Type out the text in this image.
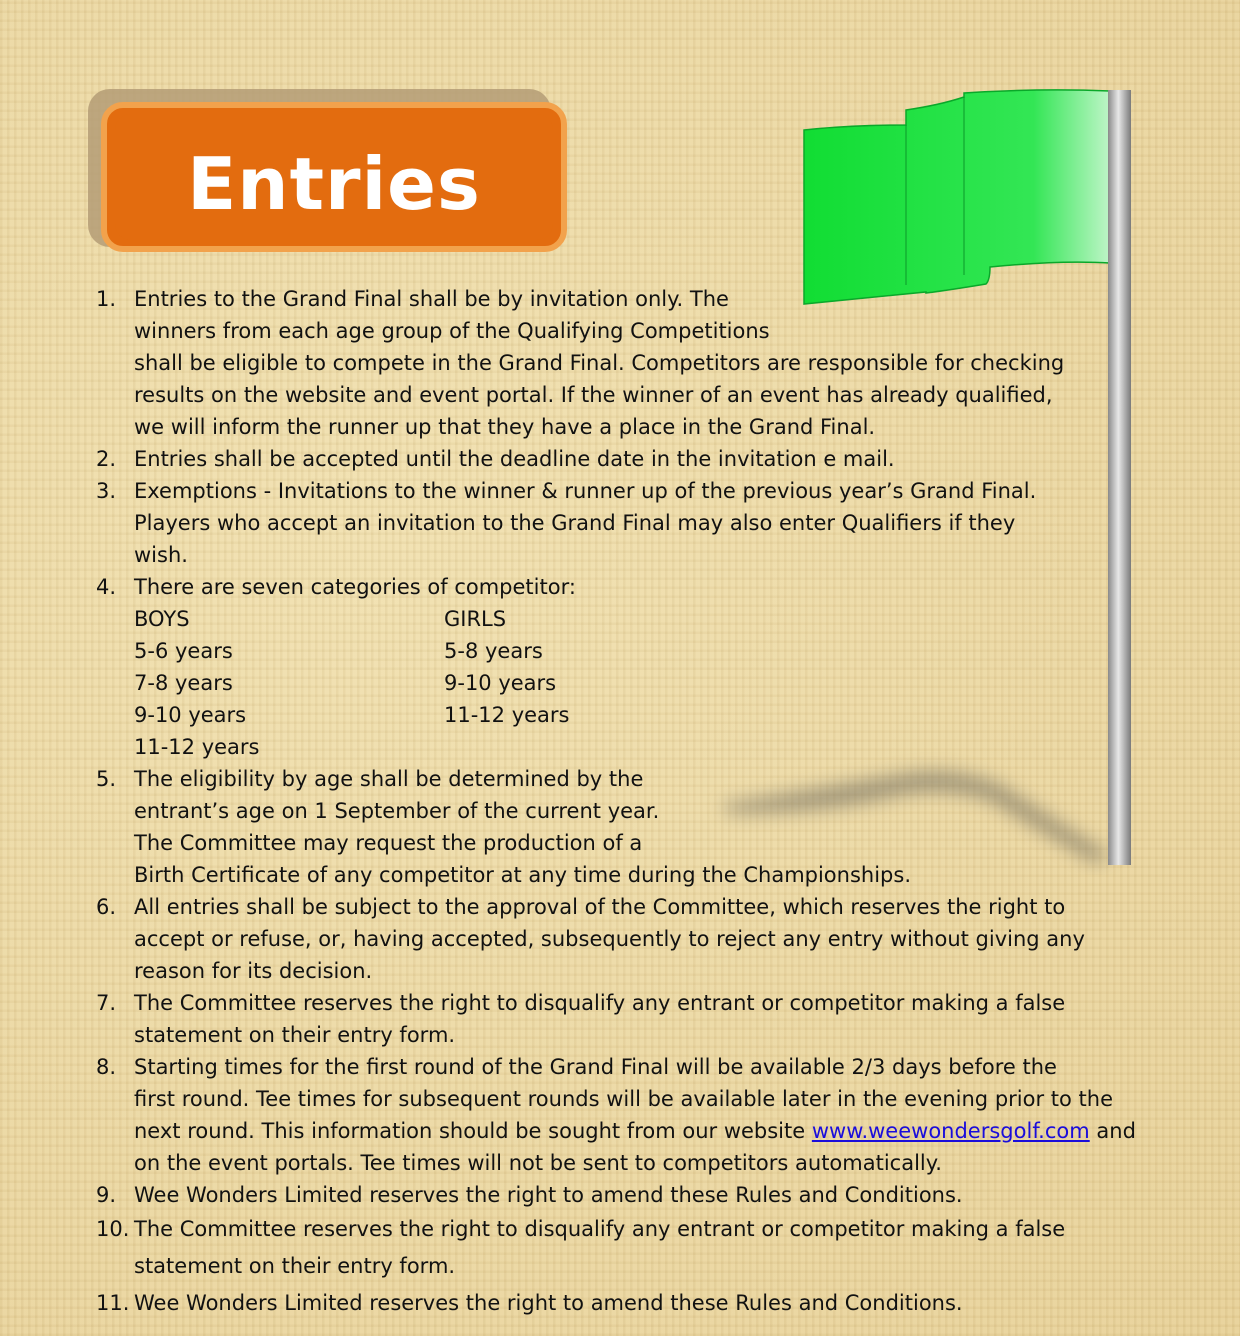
Entries
1. Entries to the Grand Final shall be by invitation only. The
winners from each age group of the Qualifying Competitions
shall be eligible to compete in the Grand Final. Competitors are responsible for checking
results on the website and event portal. If the winner of an event has already qualified,
we will inform the runner up that they have a place in the Grand Final.
2. Entries shall be accepted until the deadline date in the invitation e mail.
3. Exemptions - Invitations to the winner & runner up of the previous year’s Grand Final.
Players who accept an invitation to the Grand Final may also enter Qualifiers if they
wish.
4. There are seven categories of competitor:
BOYS
5-6 years
7-8 years
9-10 years
11-12 years
GIRLS
5-8 years
9-10 years
11-12 years
5. The eligibility by age shall be determined by the
entrant’s age on 1 September of the current year.
The Committee may request the production of a
Birth Certificate of any competitor at any time during the Championships.
6. All entries shall be subject to the approval of the Committee, which reserves the right to
accept or refuse, or, having accepted, subsequently to reject any entry without giving any
reason for its decision.
7. The Committee reserves the right to disqualify any entrant or competitor making a false
statement on their entry form.
8. Starting times for the first round of the Grand Final will be available 2/3 days before the
first round. Tee times for subsequent rounds will be available later in the evening prior to the
next round. This information should be sought from our website www.weewondersgolf.com and
on the event portals. Tee times will not be sent to competitors automatically.
9. Wee Wonders Limited reserves the right to amend these Rules and Conditions.
10. The Committee reserves the right to disqualify any entrant or competitor making a false
statement on their entry form.
11. Wee Wonders Limited reserves the right to amend these Rules and Conditions.
